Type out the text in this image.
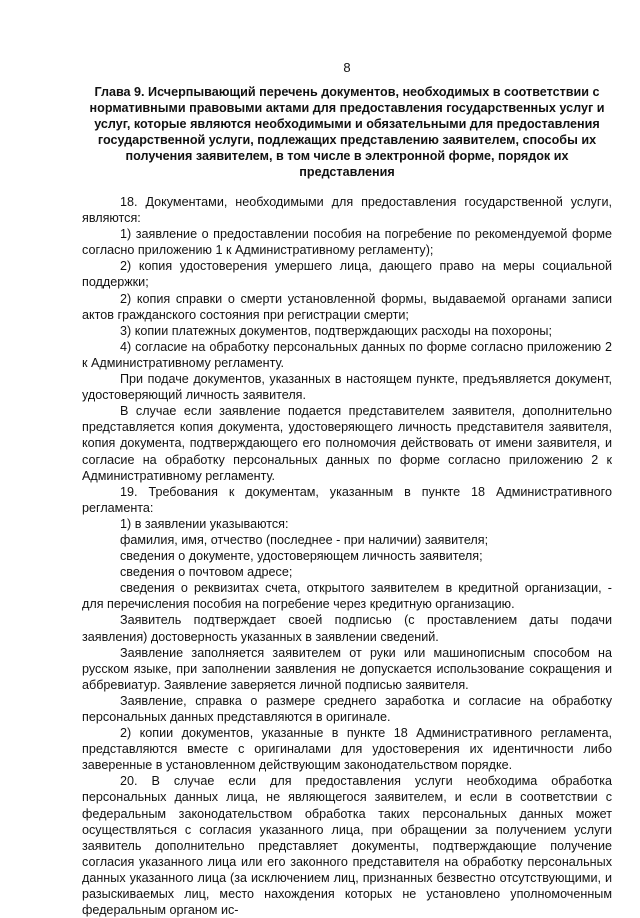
8
Глава 9. Исчерпывающий перечень документов, необходимых в соответствии с нормативными правовыми актами для предоставления государственных услуг и услуг, которые являются необходимыми и обязательными для предоставления государственной услуги, подлежащих представлению заявителем, способы их получения заявителем, в том числе в электронной форме, порядок их представления

18. Документами, необходимыми для предоставления государственной услуги, являются:

1) заявление о предоставлении пособия на погребение по рекомендуемой форме согласно приложению 1 к Административному регламенту);

2) копия удостоверения умершего лица, дающего право на меры социальной поддержки;

2) копия справки о смерти установленной формы, выдаваемой органами записи актов гражданского состояния при регистрации смерти;

3) копии платежных документов, подтверждающих расходы на похороны;

4) согласие на обработку персональных данных по форме согласно приложению 2 к Административному регламенту.

При подаче документов, указанных в настоящем пункте, предъявляется документ, удостоверяющий личность заявителя.

В случае если заявление подается представителем заявителя, дополнительно представляется копия документа, удостоверяющего личность представителя заявителя, копия документа, подтверждающего его полномочия действовать от имени заявителя, и согласие на обработку персональных данных по форме согласно приложению 2 к Административному регламенту.

19. Требования к документам, указанным в пункте 18 Административного регламента:

1) в заявлении указываются:

фамилия, имя, отчество (последнее - при наличии) заявителя;

сведения о документе, удостоверяющем личность заявителя;

сведения о почтовом адресе;

сведения о реквизитах счета, открытого заявителем в кредитной организации, - для перечисления пособия на погребение через кредитную организацию.

Заявитель подтверждает своей подписью (с проставлением даты подачи заявления) достоверность указанных в заявлении сведений.

Заявление заполняется заявителем от руки или машинописным способом на русском языке, при заполнении заявления не допускается использование сокращения и аббревиатур. Заявление заверяется личной подписью заявителя.

Заявление, справка о размере среднего заработка и согласие на обработку персональных данных представляются в оригинале.

2) копии документов, указанные в пункте 18 Административного регламента, представляются вместе с оригиналами для удостоверения их идентичности либо заверенные в установленном действующим законодательством порядке.

20. В случае если для предоставления услуги необходима обработка персональных данных лица, не являющегося заявителем, и если в соответствии с федеральным законодательством обработка таких персональных данных может осуществляться с согласия указанного лица, при обращении за получением услуги заявитель дополнительно представляет документы, подтверждающие получение согласия указанного лица или его законного представителя на обработку персональных данных указанного лица (за исключением лиц, признанных безвестно отсутствующими, и разыскиваемых лиц, место нахождения которых не установлено уполномоченным федеральным органом ис-
